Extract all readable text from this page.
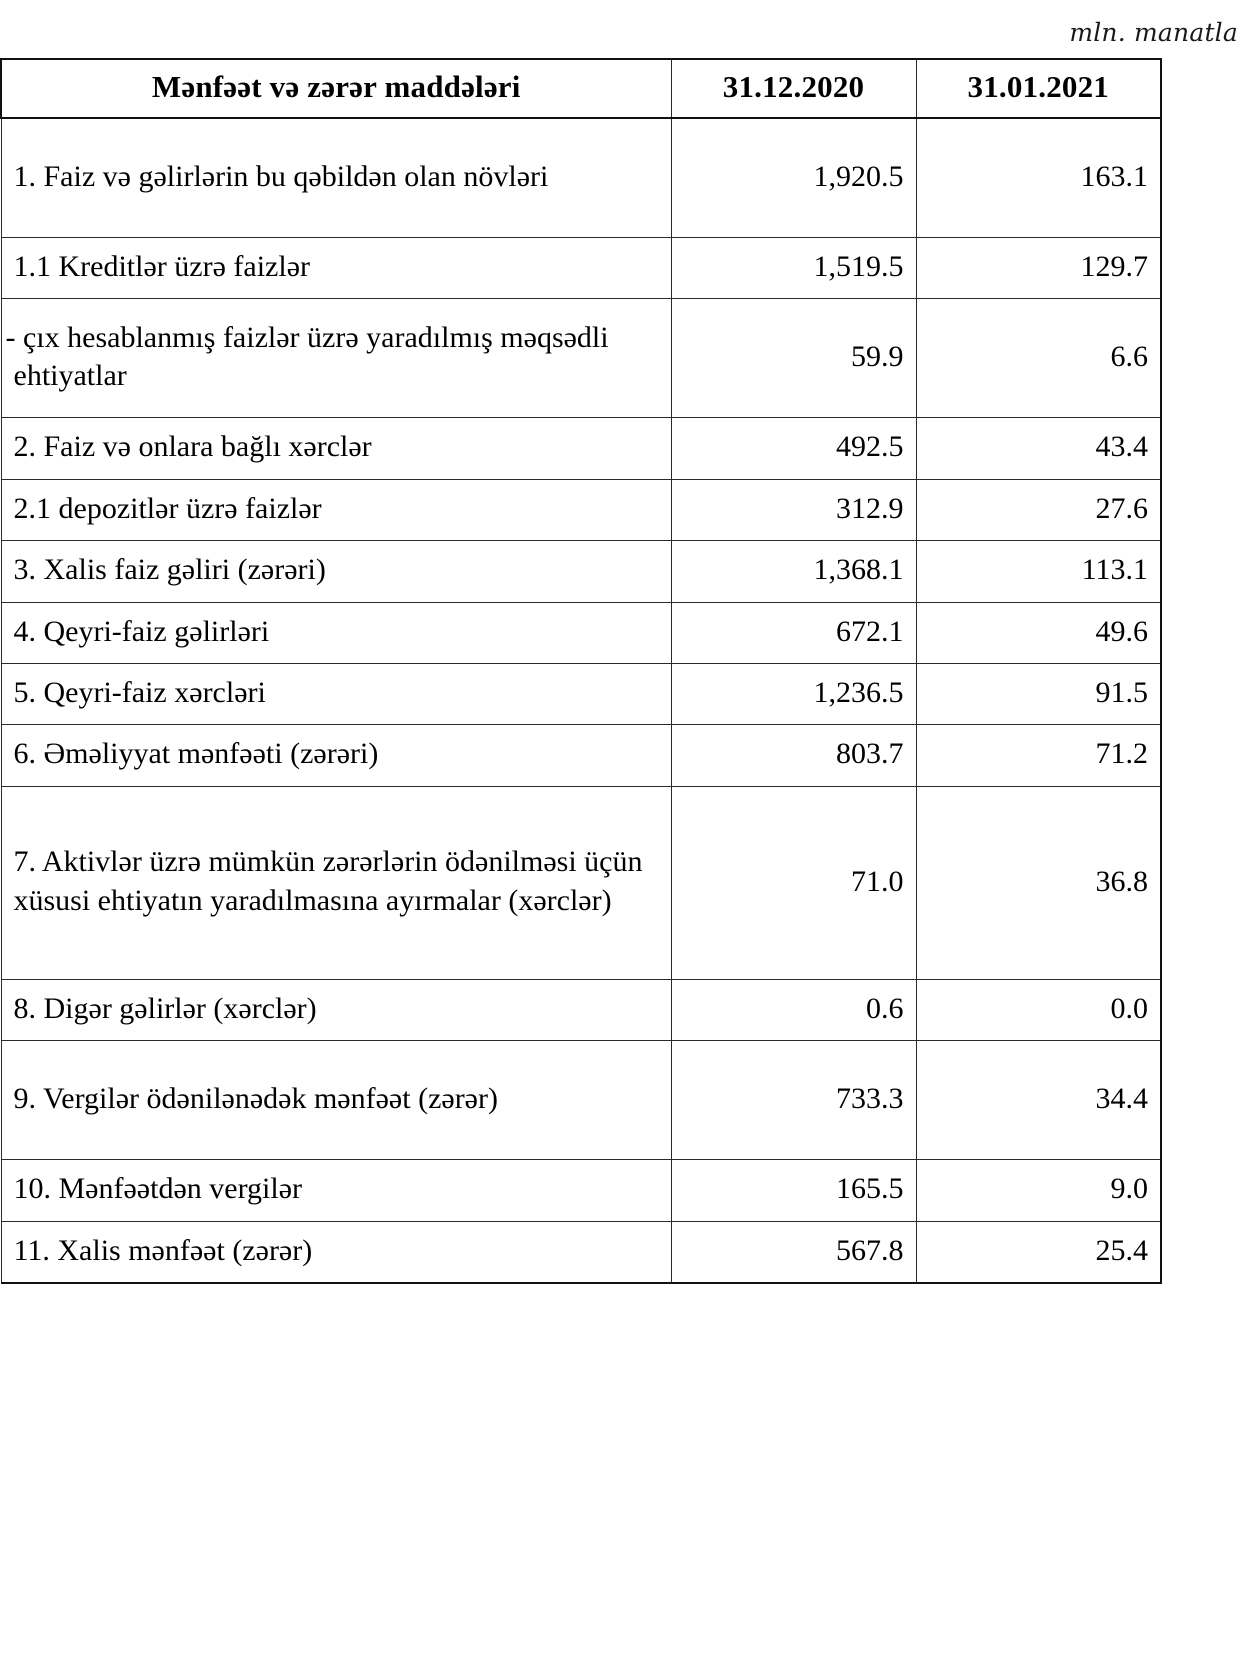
mln. manatla
Mənfəət və zərər maddələri	31.12.2020	31.01.2021
1. Faiz və gəlirlərin bu qəbildən olan növləri	1,920.5	163.1
1.1 Kreditlər üzrə faizlər	1,519.5	129.7
- çıx hesablanmış faizlər üzrə yaradılmış məqsədli ehtiyatlar	59.9	6.6
2. Faiz və onlara bağlı xərclər	492.5	43.4
2.1 depozitlər üzrə faizlər	312.9	27.6
3. Xalis faiz gəliri (zərəri)	1,368.1	113.1
4. Qeyri-faiz gəlirləri	672.1	49.6
5. Qeyri-faiz xərcləri	1,236.5	91.5
6. Əməliyyat mənfəəti (zərəri)	803.7	71.2
7. Aktivlər üzrə mümkün zərərlərin ödənilməsi üçün xüsusi ehtiyatın yaradılmasına ayırmalar (xərclər)	71.0	36.8
8. Digər gəlirlər (xərclər)	0.6	0.0
9. Vergilər ödənilənədək mənfəət (zərər)	733.3	34.4
10. Mənfəətdən vergilər	165.5	9.0
11. Xalis mənfəət (zərər)	567.8	25.4
